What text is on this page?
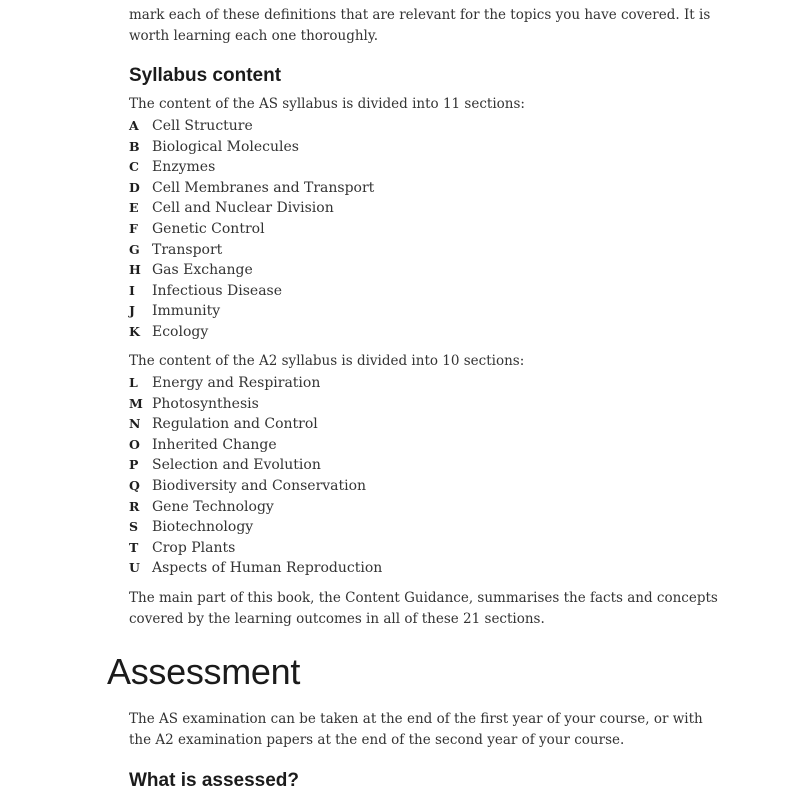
mark each of these definitions that are relevant for the topics you have covered. It is
worth learning each one thoroughly.

Syllabus content
The content of the AS syllabus is divided into 11 sections:
A Cell Structure
B Biological Molecules
C Enzymes
D Cell Membranes and Transport
E Cell and Nuclear Division
F Genetic Control
G Transport
H Gas Exchange
I Infectious Disease
J Immunity
K Ecology
The content of the A2 syllabus is divided into 10 sections:
L Energy and Respiration
M Photosynthesis
N Regulation and Control
O Inherited Change
P Selection and Evolution
Q Biodiversity and Conservation
R Gene Technology
S Biotechnology
T Crop Plants
U Aspects of Human Reproduction

The main part of this book, the Content Guidance, summarises the facts and concepts
covered by the learning outcomes in all of these 21 sections.

Assessment

The AS examination can be taken at the end of the first year of your course, or with
the A2 examination papers at the end of the second year of your course.

What is assessed?
